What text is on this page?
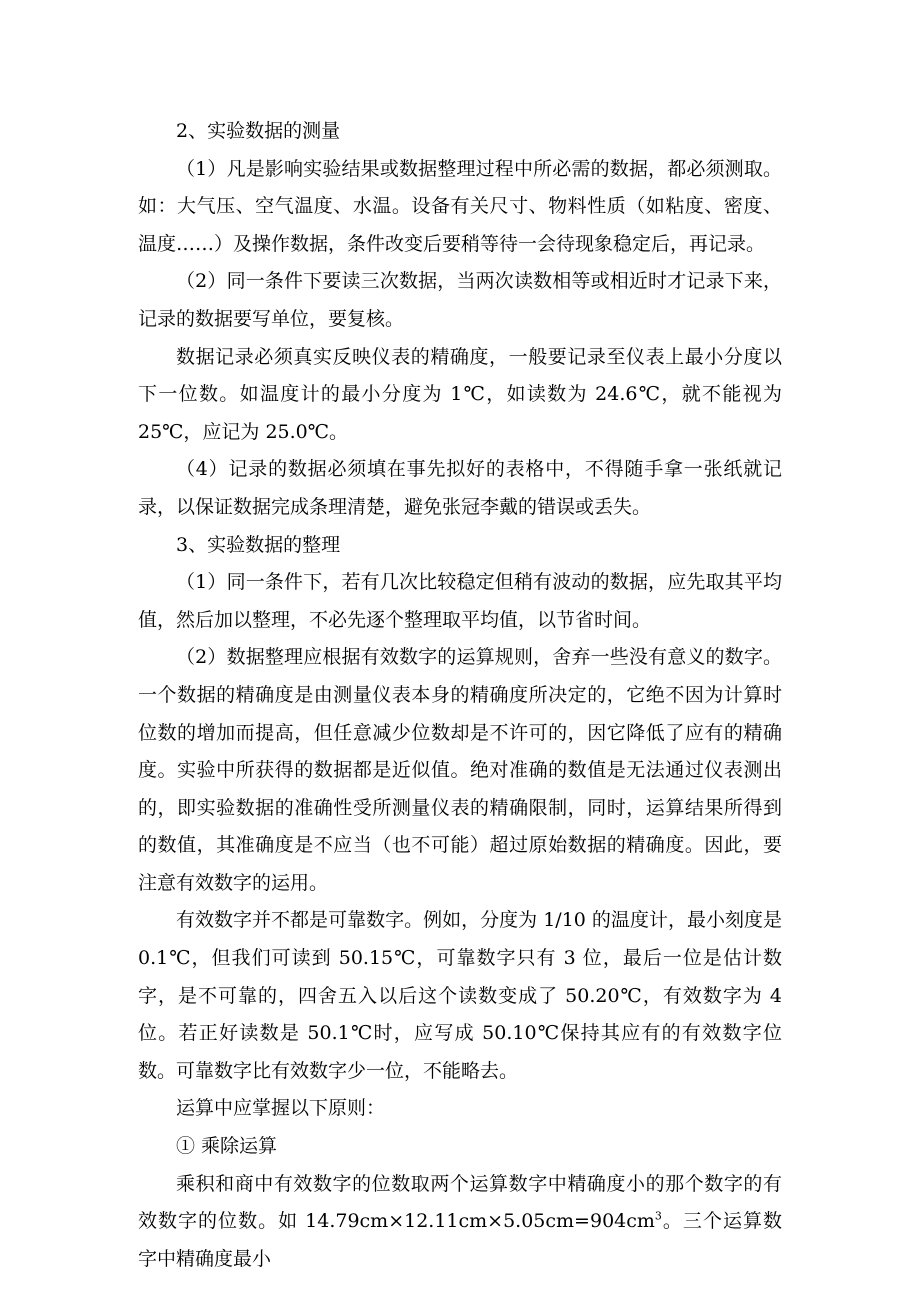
2、实验数据的测量

（1）凡是影响实验结果或数据整理过程中所必需的数据，都必须测取。如：大气压、空气温度、水温。设备有关尺寸、物料性质（如粘度、密度、温度……）及操作数据，条件改变后要稍等待一会待现象稳定后，再记录。

（2）同一条件下要读三次数据，当两次读数相等或相近时才记录下来，记录的数据要写单位，要复核。

数据记录必须真实反映仪表的精确度，一般要记录至仪表上最小分度以下一位数。如温度计的最小分度为 1℃，如读数为 24.6℃，就不能视为 25℃，应记为 25.0℃。

（4）记录的数据必须填在事先拟好的表格中，不得随手拿一张纸就记录，以保证数据完成条理清楚，避免张冠李戴的错误或丢失。

3、实验数据的整理

（1）同一条件下，若有几次比较稳定但稍有波动的数据，应先取其平均值，然后加以整理，不必先逐个整理取平均值，以节省时间。

（2）数据整理应根据有效数字的运算规则，舍弃一些没有意义的数字。一个数据的精确度是由测量仪表本身的精确度所决定的，它绝不因为计算时位数的增加而提高，但任意减少位数却是不许可的，因它降低了应有的精确度。实验中所获得的数据都是近似值。绝对准确的数值是无法通过仪表测出的，即实验数据的准确性受所测量仪表的精确限制，同时，运算结果所得到的数值，其准确度是不应当（也不可能）超过原始数据的精确度。因此，要注意有效数字的运用。

有效数字并不都是可靠数字。例如，分度为 1/10 的温度计，最小刻度是 0.1℃，但我们可读到 50.15℃，可靠数字只有 3 位，最后一位是估计数字，是不可靠的，四舍五入以后这个读数变成了 50.20℃，有效数字为 4 位。若正好读数是 50.1℃时，应写成 50.10℃保持其应有的有效数字位数。可靠数字比有效数字少一位，不能略去。

运算中应掌握以下原则：

① 乘除运算

乘积和商中有效数字的位数取两个运算数字中精确度小的那个数字的有效数字的位数。如 $14.79cm\times 12.11cm\times 5.05cm=904cm^3$。三个运算数字中精确度最小
